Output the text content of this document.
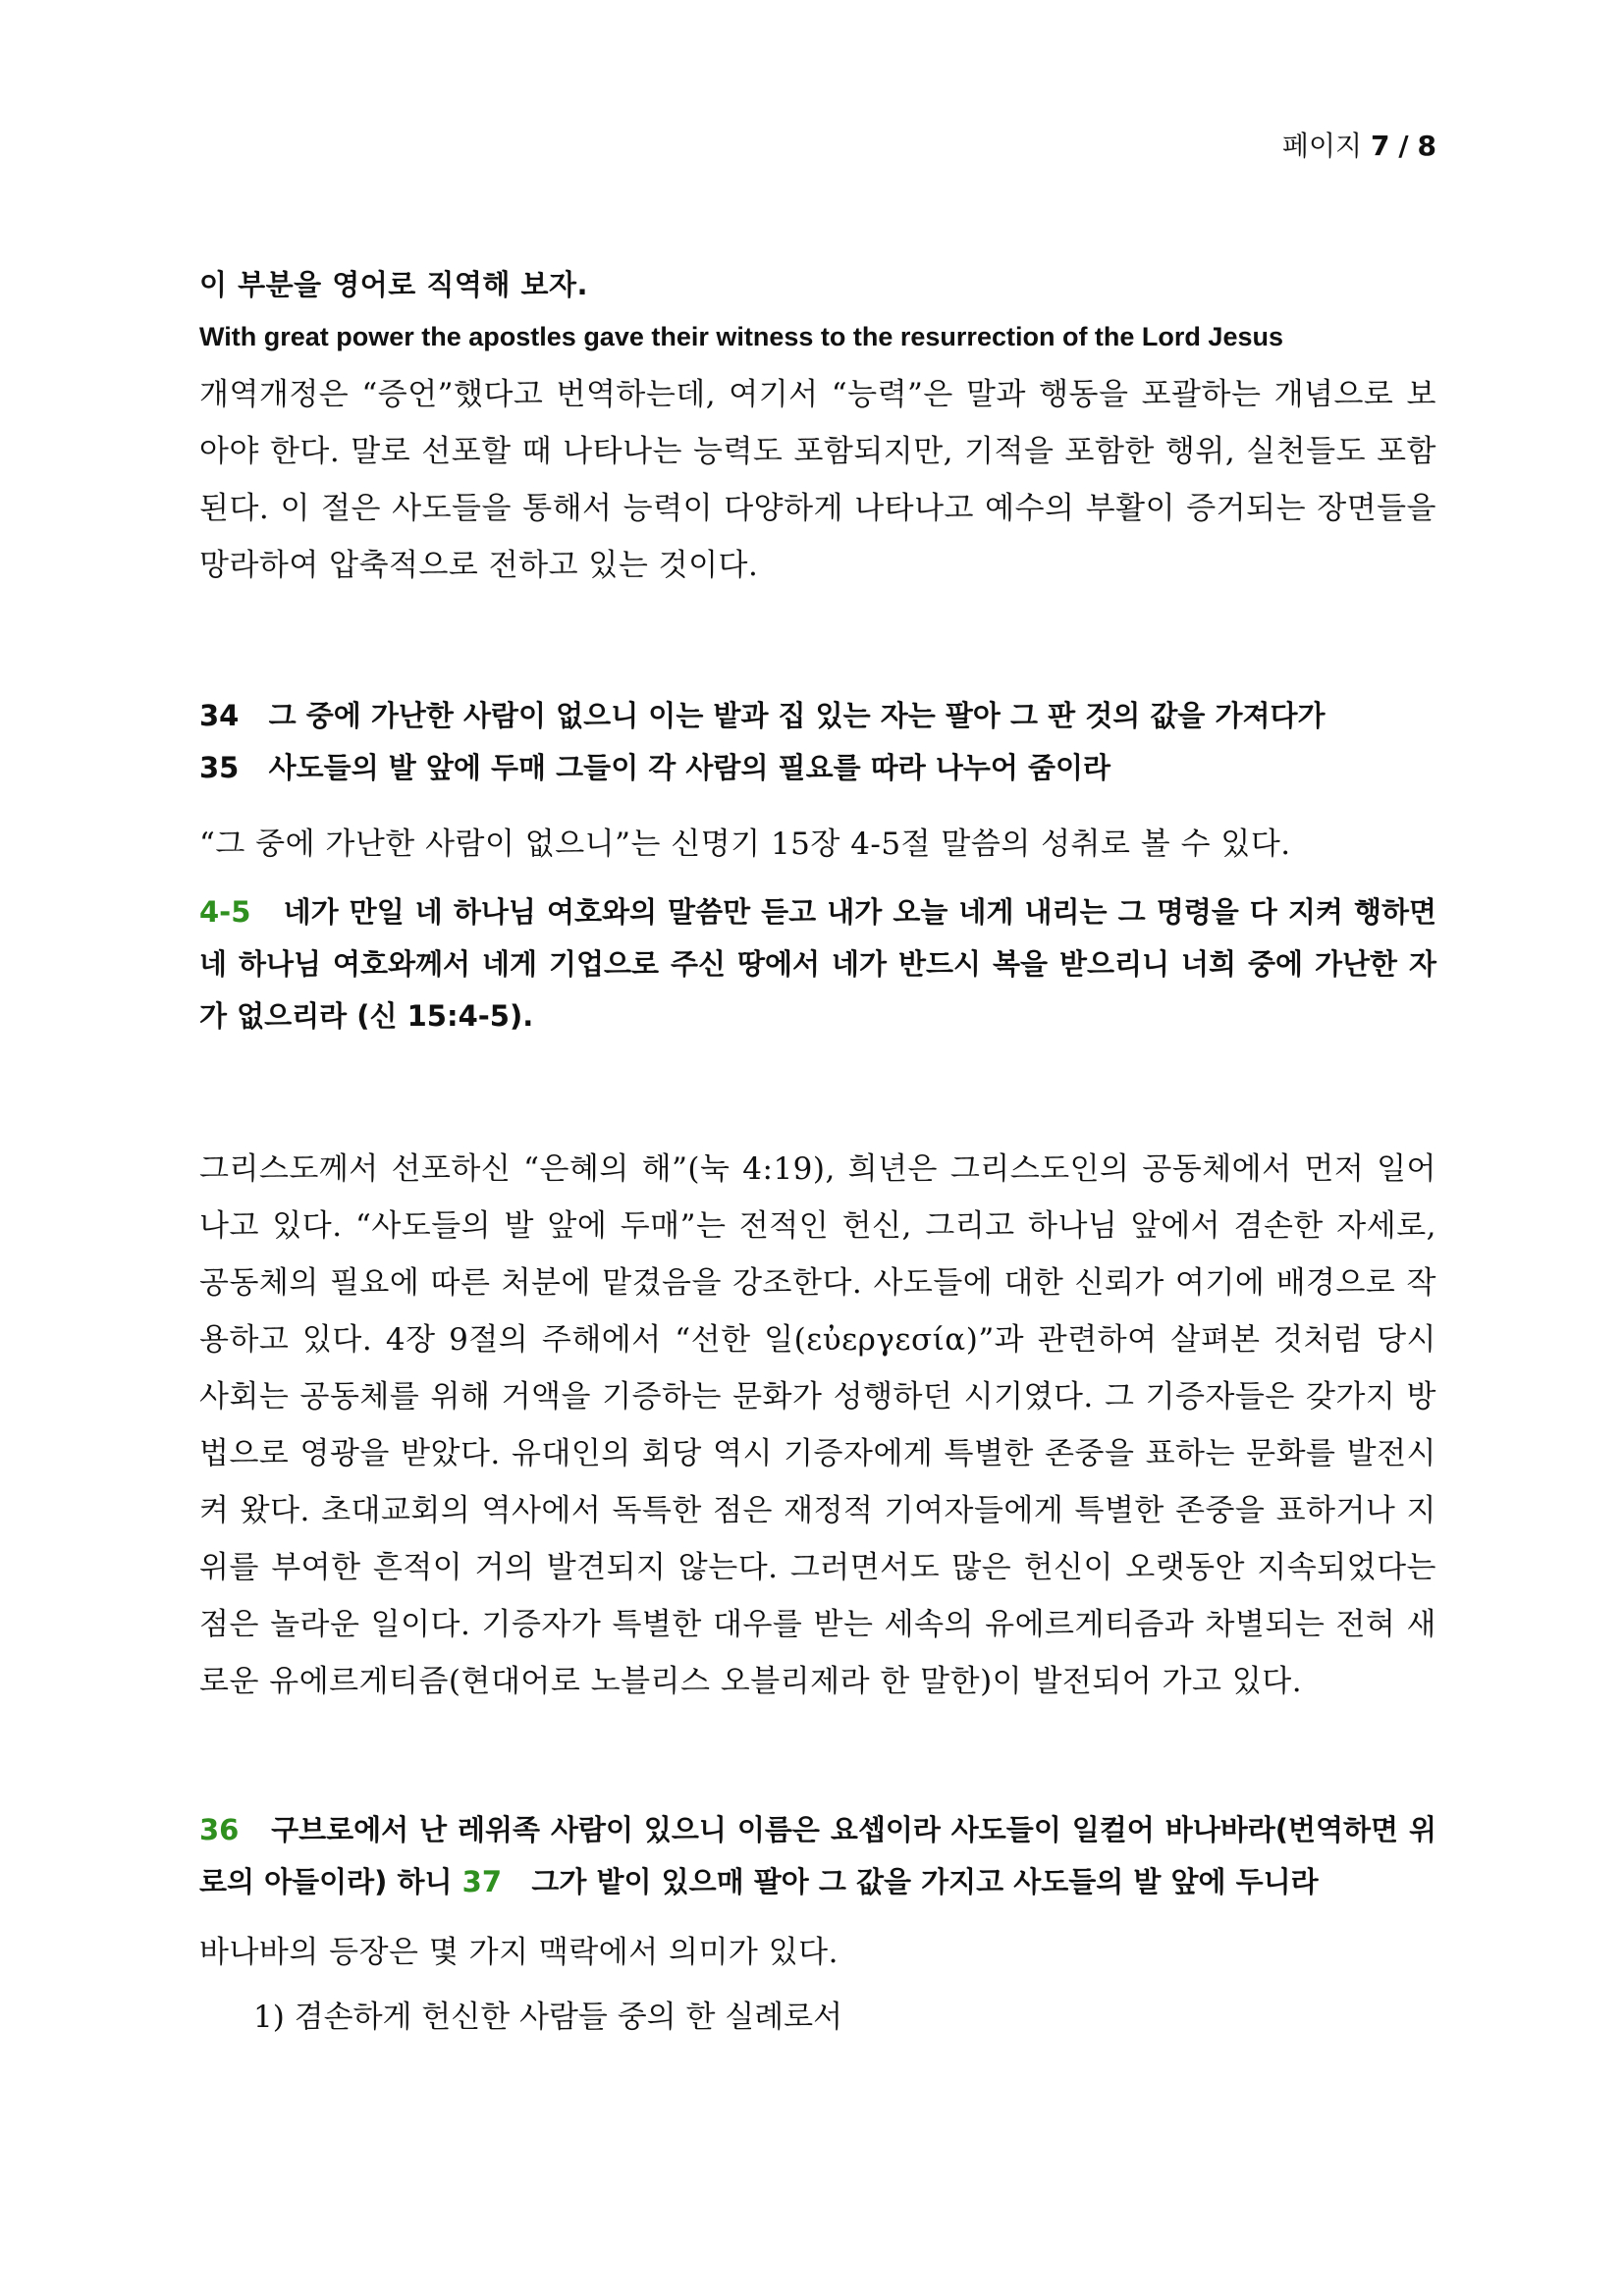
페이지 7 / 8

이 부분을 영어로 직역해 보자.

With great power the apostles gave their witness to the resurrection of the Lord Jesus

개역개정은 “증언”했다고 번역하는데, 여기서 “능력”은 말과 행동을 포괄하는 개념으로 보아야 한다. 말로 선포할 때 나타나는 능력도 포함되지만, 기적을 포함한 행위, 실천들도 포함된다. 이 절은 사도들을 통해서 능력이 다양하게 나타나고 예수의 부활이 증거되는 장면들을 망라하여 압축적으로 전하고 있는 것이다.

34 그 중에 가난한 사람이 없으니 이는 밭과 집 있는 자는 팔아 그 판 것의 값을 가져다가

35 사도들의 발 앞에 두매 그들이 각 사람의 필요를 따라 나누어 줌이라

“그 중에 가난한 사람이 없으니”는 신명기 15장 4-5절 말씀의 성취로 볼 수 있다.

4-5 네가 만일 네 하나님 여호와의 말씀만 듣고 내가 오늘 네게 내리는 그 명령을 다 지켜 행하면 네 하나님 여호와께서 네게 기업으로 주신 땅에서 네가 반드시 복을 받으리니 너희 중에 가난한 자가 없으리라 (신 15:4-5).

그리스도께서 선포하신 “은혜의 해”(눅 4:19), 희년은 그리스도인의 공동체에서 먼저 일어나고 있다. “사도들의 발 앞에 두매”는 전적인 헌신, 그리고 하나님 앞에서 겸손한 자세로, 공동체의 필요에 따른 처분에 맡겼음을 강조한다. 사도들에 대한 신뢰가 여기에 배경으로 작용하고 있다. 4장 9절의 주해에서 “선한 일(εὐεργεσία)”과 관련하여 살펴본 것처럼 당시 사회는 공동체를 위해 거액을 기증하는 문화가 성행하던 시기였다. 그 기증자들은 갖가지 방법으로 영광을 받았다. 유대인의 회당 역시 기증자에게 특별한 존중을 표하는 문화를 발전시켜 왔다. 초대교회의 역사에서 독특한 점은 재정적 기여자들에게 특별한 존중을 표하거나 지위를 부여한 흔적이 거의 발견되지 않는다. 그러면서도 많은 헌신이 오랫동안 지속되었다는 점은 놀라운 일이다. 기증자가 특별한 대우를 받는 세속의 유에르게티즘과 차별되는 전혀 새로운 유에르게티즘(현대어로 노블리스 오블리제라 한 말한)이 발전되어 가고 있다.

36 구브로에서 난 레위족 사람이 있으니 이름은 요셉이라 사도들이 일컬어 바나바라(번역하면 위로의 아들이라) 하니 37 그가 밭이 있으매 팔아 그 값을 가지고 사도들의 발 앞에 두니라

바나바의 등장은 몇 가지 맥락에서 의미가 있다.

1) 겸손하게 헌신한 사람들 중의 한 실례로서
